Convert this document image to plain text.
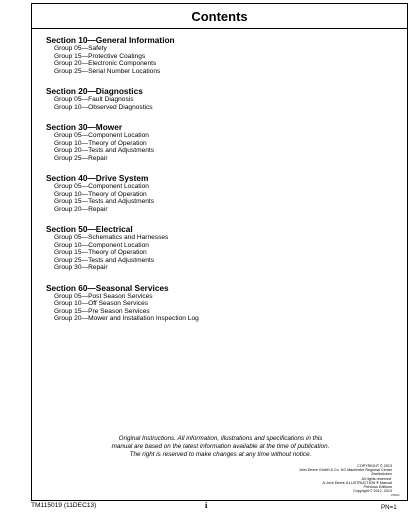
Contents
Section 10—General Information
Group 05—Safety
Group 15—Protective Coatings
Group 20—Electronic Components
Group 25—Serial Number Locations
Section 20—Diagnostics
Group 05—Fault Diagnosis
Group 10—Observed Diagnostics
Section 30—Mower
Group 05—Component Location
Group 10—Theory of Operation
Group 20—Tests and Adjustments
Group 25—Repair
Section 40—Drive System
Group 05—Component Location
Group 10—Theory of Operation
Group 15—Tests and Adjustments
Group 20—Repair
Section 50—Electrical
Group 05—Schematics and Harnesses
Group 10—Component Location
Group 15—Theory of Operation
Group 25—Tests and Adjustments
Group 30—Repair
Section 60—Seasonal Services
Group 05—Post Season Services
Group 10—Off Season Services
Group 15—Pre Season Services
Group 20—Mower and Installation Inspection Log
Original Instructions. All information, illustrations and specifications in this
manual are based on the latest information available at the time of publication.
The right is reserved to make changes at any time without notice.
COPYRIGHT © 2013
John Deere GmbH & Co. KG Mannheim Regional Center
Zweibrücken
All rights reserved.
A John Deere ILLUSTRUCTION ® Manual
Previous Editions
Copyright © 2012, 2013
073013
TM115019 (11DEC13)	i	PN=1
